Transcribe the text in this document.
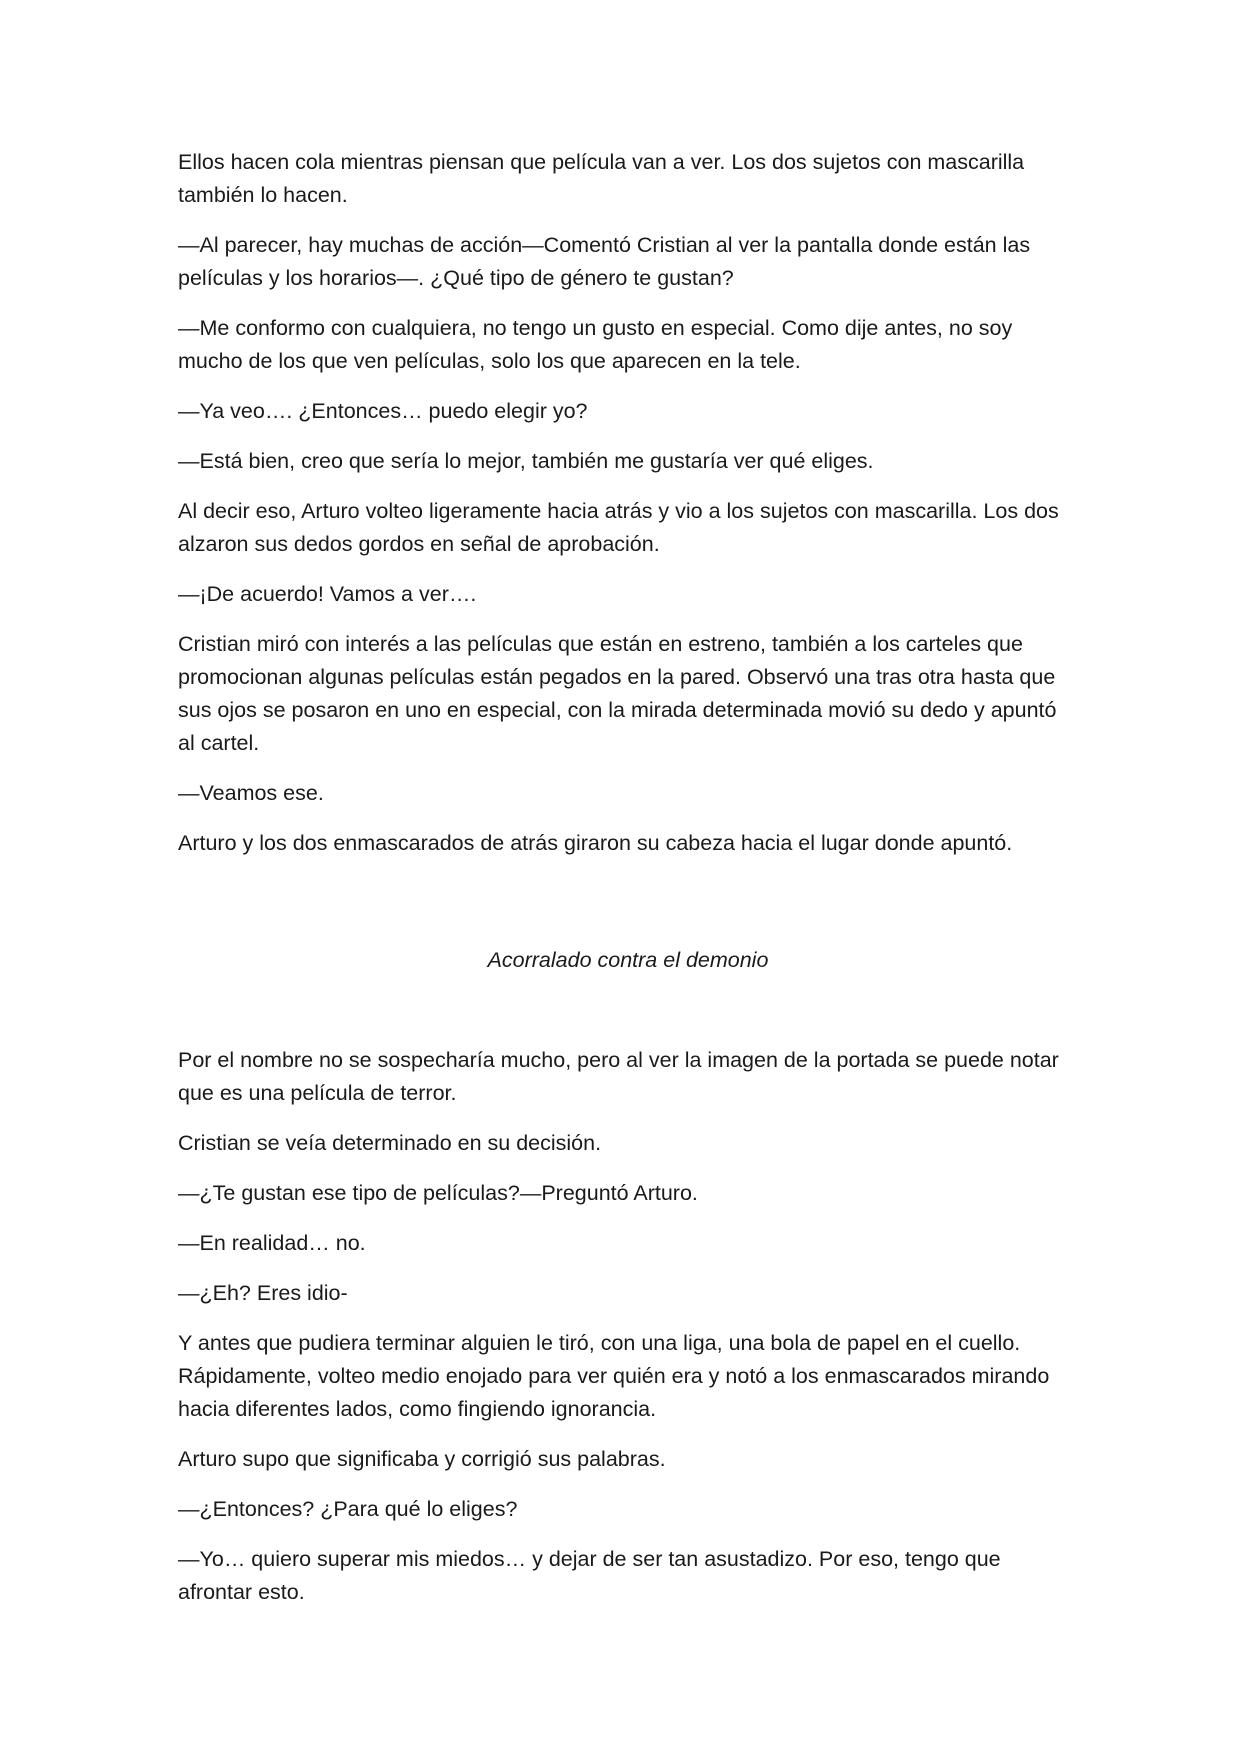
Ellos hacen cola mientras piensan que película van a ver. Los dos sujetos con mascarilla también lo hacen.

—Al parecer, hay muchas de acción—Comentó Cristian al ver la pantalla donde están las películas y los horarios—. ¿Qué tipo de género te gustan?

—Me conformo con cualquiera, no tengo un gusto en especial. Como dije antes, no soy mucho de los que ven películas, solo los que aparecen en la tele.

—Ya veo…. ¿Entonces… puedo elegir yo?

—Está bien, creo que sería lo mejor, también me gustaría ver qué eliges.

Al decir eso, Arturo volteo ligeramente hacia atrás y vio a los sujetos con mascarilla. Los dos alzaron sus dedos gordos en señal de aprobación.

—¡De acuerdo! Vamos a ver….

Cristian miró con interés a las películas que están en estreno, también a los carteles que promocionan algunas películas están pegados en la pared. Observó una tras otra hasta que sus ojos se posaron en uno en especial, con la mirada determinada movió su dedo y apuntó al cartel.

—Veamos ese.

Arturo y los dos enmascarados de atrás giraron su cabeza hacia el lugar donde apuntó.

Acorralado contra el demonio

Por el nombre no se sospecharía mucho, pero al ver la imagen de la portada se puede notar que es una película de terror.

Cristian se veía determinado en su decisión.

—¿Te gustan ese tipo de películas?—Preguntó Arturo.

—En realidad… no.

—¿Eh? Eres idio-

Y antes que pudiera terminar alguien le tiró, con una liga, una bola de papel en el cuello. Rápidamente, volteo medio enojado para ver quién era y notó a los enmascarados mirando hacia diferentes lados, como fingiendo ignorancia.

Arturo supo que significaba y corrigió sus palabras.

—¿Entonces? ¿Para qué lo eliges?

—Yo… quiero superar mis miedos… y dejar de ser tan asustadizo. Por eso, tengo que afrontar esto.
